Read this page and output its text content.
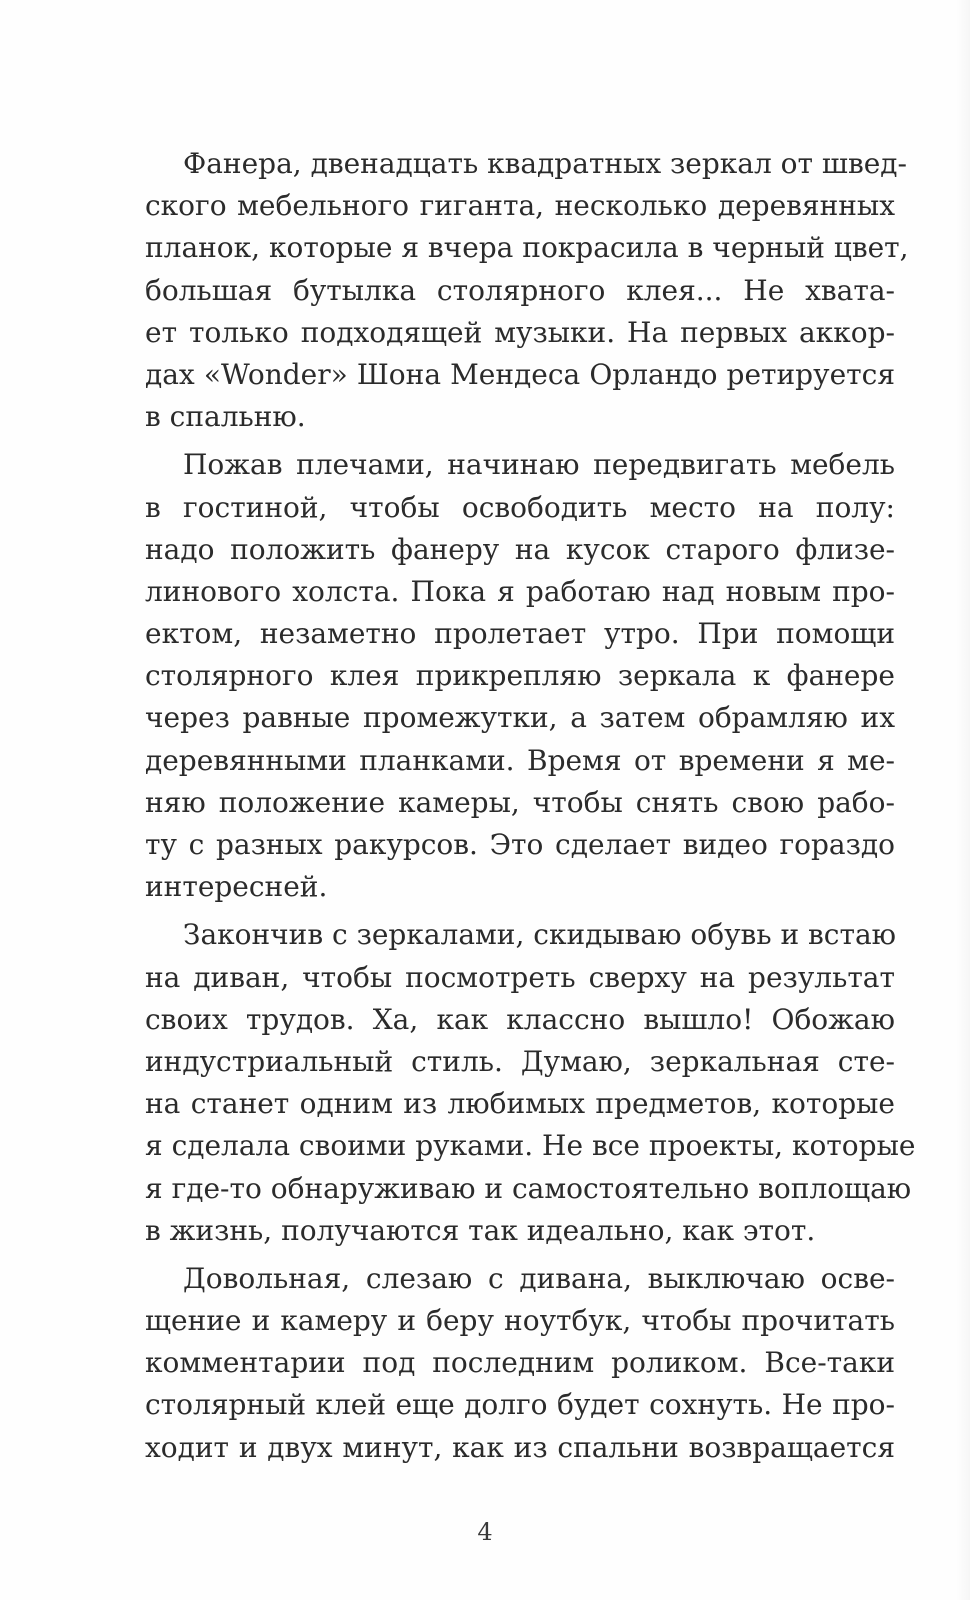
Фанера, двенадцать квадратных зеркал от швед-
ского мебельного гиганта, несколько деревянных
планок, которые я вчера покрасила в черный цвет,
большая бутылка столярного клея... Не хвата-
ет только подходящей музыки. На первых аккор-
дах «Wonder» Шона Мендеса Орландо ретируется
в спальню.
Пожав плечами, начинаю передвигать мебель
в гостиной, чтобы освободить место на полу:
надо положить фанеру на кусок старого флизе-
линового холста. Пока я работаю над новым про-
ектом, незаметно пролетает утро. При помощи
столярного клея прикрепляю зеркала к фанере
через равные промежутки, а затем обрамляю их
деревянными планками. Время от времени я ме-
няю положение камеры, чтобы снять свою рабо-
ту с разных ракурсов. Это сделает видео гораздо
интересней.
Закончив с зеркалами, скидываю обувь и встаю
на диван, чтобы посмотреть сверху на результат
своих трудов. Ха, как классно вышло! Обожаю
индустриальный стиль. Думаю, зеркальная сте-
на станет одним из любимых предметов, которые
я сделала своими руками. Не все проекты, которые
я где-то обнаруживаю и самостоятельно воплощаю
в жизнь, получаются так идеально, как этот.
Довольная, слезаю с дивана, выключаю осве-
щение и камеру и беру ноутбук, чтобы прочитать
комментарии под последним роликом. Все-таки
столярный клей еще долго будет сохнуть. Не про-
ходит и двух минут, как из спальни возвращается
4
